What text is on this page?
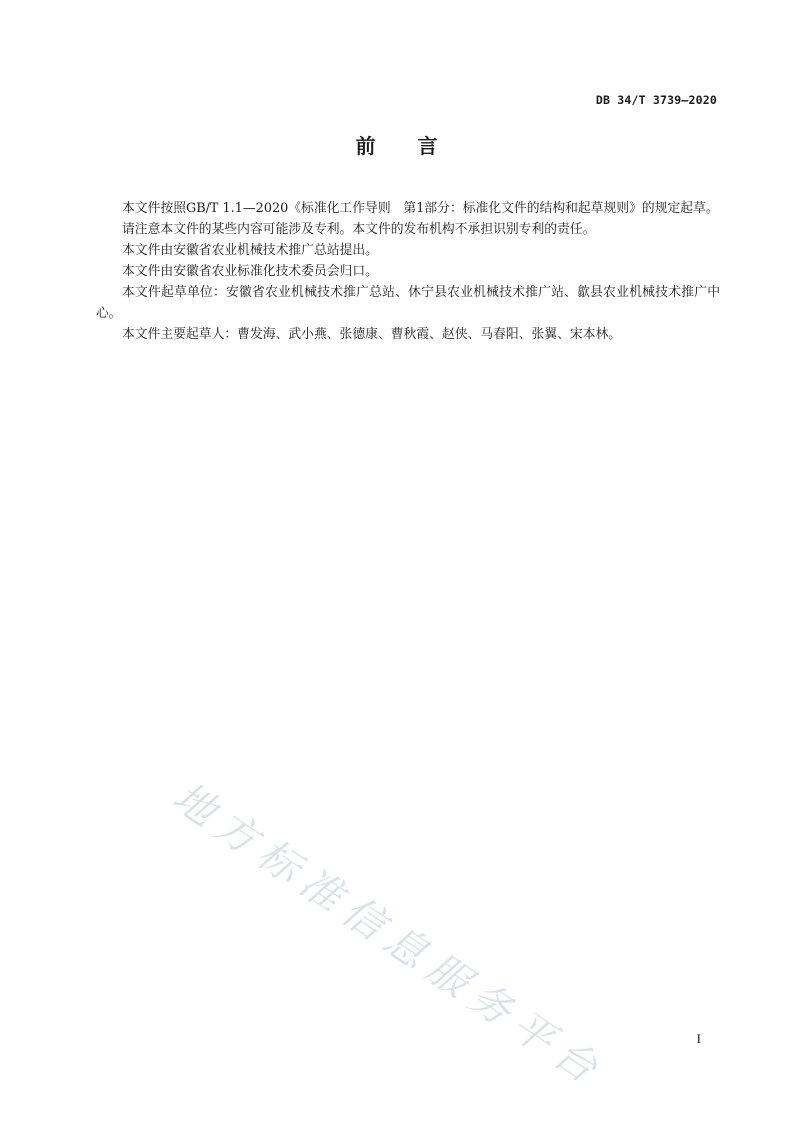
DB 34/T 3739—2020
前言

本文件按照GB/T 1.1—2020《标准化工作导则　第1部分：标准化文件的结构和起草规则》的规定起草。

请注意本文件的某些内容可能涉及专利。本文件的发布机构不承担识别专利的责任。

本文件由安徽省农业机械技术推广总站提出。

本文件由安徽省农业标准化技术委员会归口。

本文件起草单位：安徽省农业机械技术推广总站、休宁县农业机械技术推广站、歙县农业机械技术推广中心。

本文件主要起草人：曹发海、武小燕、张德康、曹秋霞、赵侠、马春阳、张翼、宋本林。

地方标准信息服务平台	I
